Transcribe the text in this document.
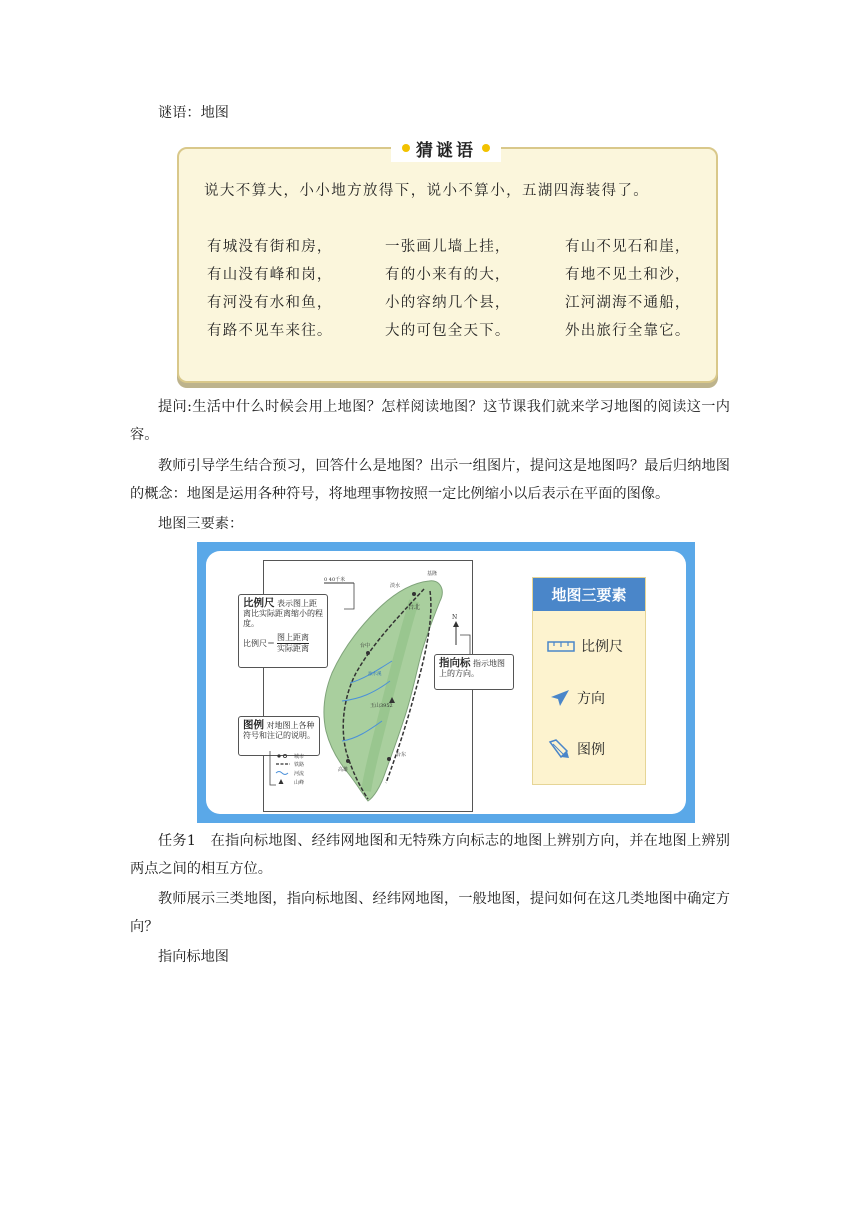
谜语：地图
猜谜语
说大不算大，小小地方放得下，说小不算小，五湖四海装得了。
有城没有街和房，
有山没有峰和岗，
有河没有水和鱼，
有路不见车来往。
一张画儿墙上挂，
有的小来有的大，
小的容纳几个县，
大的可包全天下。
有山不见石和崖，
有地不见土和沙，
江河湖海不通船，
外出旅行全靠它。
提问:生活中什么时候会用上地图？怎样阅读地图？这节课我们就来学习地图的阅读这一内容。
教师引导学生结合预习，回答什么是地图？出示一组图片，提问这是地图吗？最后归纳地图的概念：地图是运用各种符号，将地理事物按照一定比例缩小以后表示在平面的图像。
地图三要素：
台北
基隆
淡水
台中
浊水溪
玉山3952
台东
高雄
0 40千米
N
比例尺 表示图上距离比实际距离缩小的程度。
比例尺＝
图上距离
实际距离
指向标 指示地图上的方向。
图例 对地图上各种符号和注记的说明。
城市
铁路
河流
山峰
地图三要素
比例尺
方向
图例
任务1　在指向标地图、经纬网地图和无特殊方向标志的地图上辨别方向，并在地图上辨别两点之间的相互方位。
教师展示三类地图，指向标地图、经纬网地图，一般地图，提问如何在这几类地图中确定方向？
指向标地图
